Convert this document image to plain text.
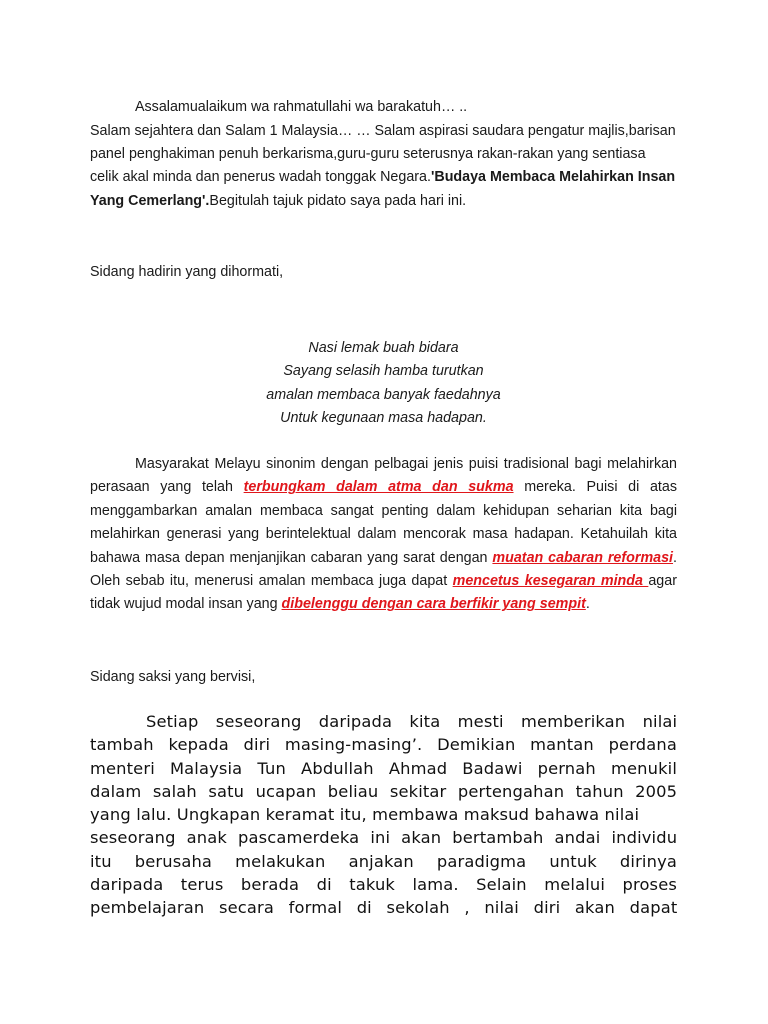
Assalamualaikum wa rahmatullahi wa barakatuh… ..

Salam sejahtera dan Salam 1 Malaysia… … Salam aspirasi saudara pengatur majlis,barisan panel penghakiman penuh berkarisma,guru-guru seterusnya rakan-rakan yang sentiasa celik akal minda dan penerus wadah tonggak Negara.'Budaya Membaca Melahirkan Insan Yang Cemerlang'.Begitulah tajuk pidato saya pada hari ini.

Sidang hadirin yang dihormati,

Nasi lemak buah bidara
Sayang selasih hamba turutkan
amalan membaca banyak faedahnya
Untuk kegunaan masa hadapan.

Masyarakat Melayu sinonim dengan pelbagai jenis puisi tradisional bagi melahirkan perasaan yang telah terbungkam dalam atma dan sukma mereka. Puisi di atas menggambarkan amalan membaca sangat penting dalam kehidupan seharian kita bagi melahirkan generasi yang berintelektual dalam mencorak masa hadapan. Ketahuilah kita bahawa masa depan menjanjikan cabaran yang sarat dengan muatan cabaran reformasi. Oleh sebab itu, menerusi amalan membaca juga dapat mencetus kesegaran minda agar tidak wujud modal insan yang dibelenggu dengan cara berfikir yang sempit.

Sidang saksi yang bervisi,

Setiap seseorang daripada kita mesti memberikan nilai
tambah kepada diri masing-masing’. Demikian mantan perdana
menteri Malaysia Tun Abdullah Ahmad Badawi pernah menukil
dalam salah satu ucapan beliau sekitar pertengahan tahun 2005
yang lalu. Ungkapan keramat itu, membawa maksud bahawa nilai
seseorang anak pascamerdeka ini akan bertambah andai individu
itu berusaha melakukan anjakan paradigma untuk dirinya
daripada terus berada di takuk lama. Selain melalui proses
pembelajaran secara formal di sekolah , nilai diri akan dapat
